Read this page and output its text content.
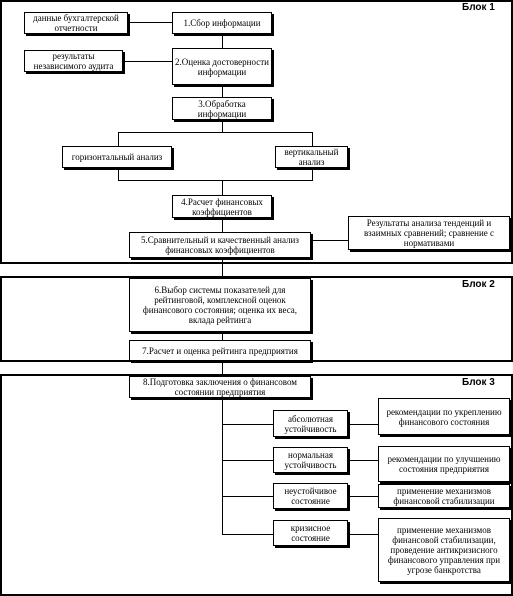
Блок 1
Блок 2
Блок 3
данные бухгалтерской отчетности	1.Сбор информации
результаты независимого аудита	2.Оценка достоверности информации
3.Обработка информации
горизонтальный анализ	вертикальный анализ
4.Расчет финансовых коэффициентов
Результаты анализа тенденций и взаимных сравнений; сравнение с нормативами
5.Сравнительный и качественный анализ финансовых коэффициентов
6.Выбор системы показателей для рейтинговой, комплексной оценок финансового состояния; оценка их веса, вклада рейтинга
7.Расчет и оценка рейтинга предприятия
8.Подготовка заключения о финансовом состоянии предприятия
абсолютная устойчивость
рекомендации по укреплению финансового состояния
нормальная устойчивость
рекомендации по улучшению состояния предприятия
неустойчивое состояние
применение механизмов финансовой стабилизации
кризисное состояние
применение механизмов финансовой стабилизации, проведение антикризисного финансового управления при угрозе банкротства
